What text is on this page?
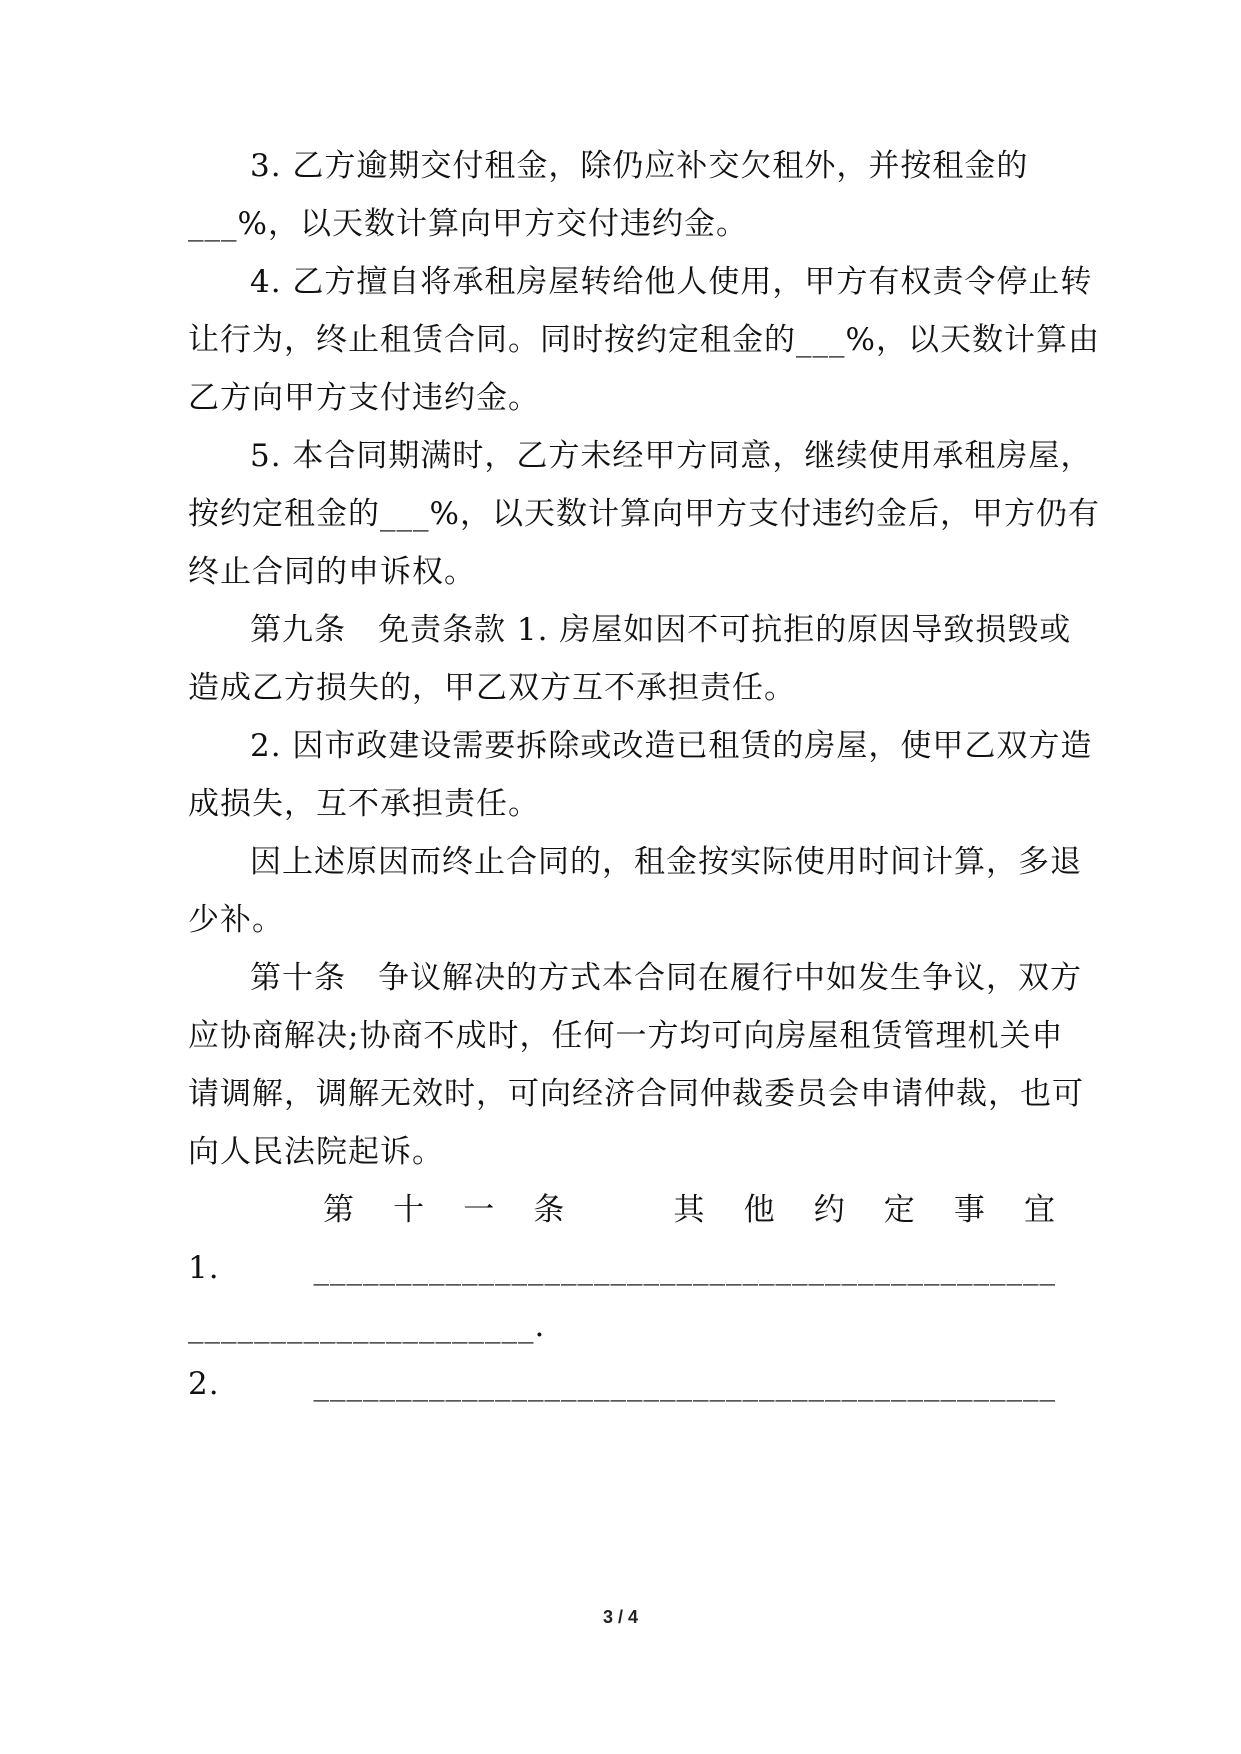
3. 乙方逾期交付租金，除仍应补交欠租外，并按租金的
___%，以天数计算向甲方交付违约金。
4. 乙方擅自将承租房屋转给他人使用，甲方有权责令停止转
让行为，终止租赁合同。同时按约定租金的___%，以天数计算由
乙方向甲方支付违约金。
5. 本合同期满时，乙方未经甲方同意，继续使用承租房屋，
按约定租金的___%，以天数计算向甲方支付违约金后，甲方仍有
终止合同的申诉权。
第九条　免责条款 1. 房屋如因不可抗拒的原因导致损毁或
造成乙方损失的，甲乙双方互不承担责任。
2. 因市政建设需要拆除或改造已租赁的房屋，使甲乙双方造
成损失，互不承担责任。
因上述原因而终止合同的，租金按实际使用时间计算，多退
少补。
第十条　争议解决的方式本合同在履行中如发生争议，双方
应协商解决;协商不成时，任何一方均可向房屋租赁管理机关申
请调解，调解无效时，可向经济合同仲裁委员会申请仲裁，也可
向人民法院起诉。
第十一条　其他约定事宜
1. _____________________________________________
_____________________.
2. _____________________________________________
3 / 4
